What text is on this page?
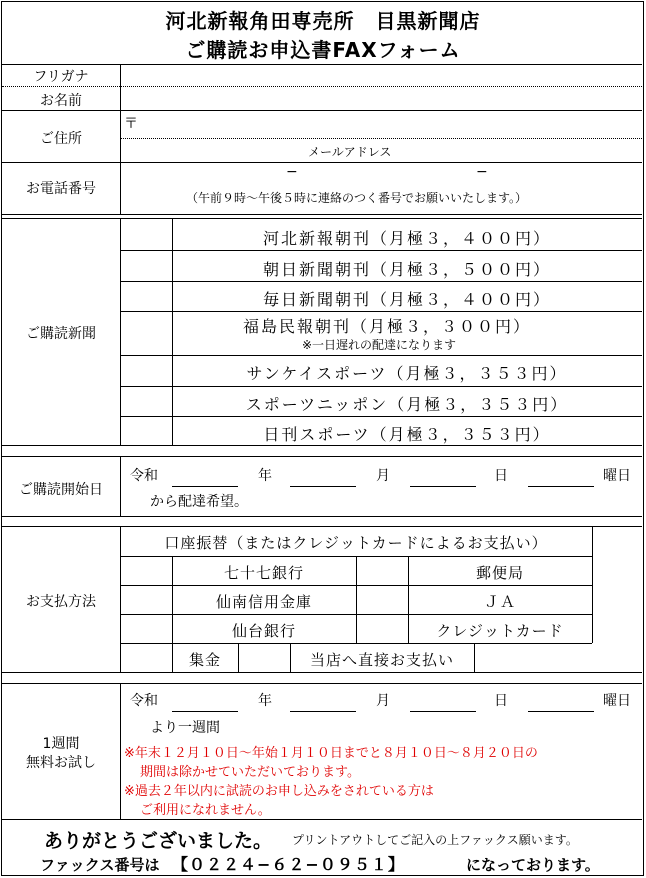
河北新報角田専売所　目黒新聞店
ご購読お申込書FAXフォーム
フリガナ
お名前
ご住所
〒
メールアドレス
お電話番号
−	−
（午前９時〜午後５時に連絡のつく番号でお願いいたします。）
ご購読新聞
河北新報朝刊（月極３，４００円）
朝日新聞朝刊（月極３，５００円）
毎日新聞朝刊（月極３，４００円）
福島民報朝刊（月極３，３００円）
※一日遅れの配達になります
サンケイスポーツ（月極３，３５３円）
スポーツニッポン（月極３，３５３円）
日刊スポーツ（月極３，３５３円）
ご購読開始日
令和	年	月	日	曜日
から配達希望。
お支払方法
口座振替（またはクレジットカードによるお支払い）
七十七銀行	郵便局
仙南信用金庫	ＪＡ
仙台銀行	クレジットカード
集金	当店へ直接お支払い
1週間
無料お試し
令和	年	月	日	曜日
より一週間
※年末１２月１０日〜年始１月１０日までと８月１０日〜８月２０日の
期間は除かせていただいております。
※過去２年以内に試読のお申し込みをされている方は
ご利用になれません。
ありがとうございました。 プリントアウトしてご記入の上ファックス願います。
ファックス番号は 【０２２４−６２−０９５１】	になっております。
